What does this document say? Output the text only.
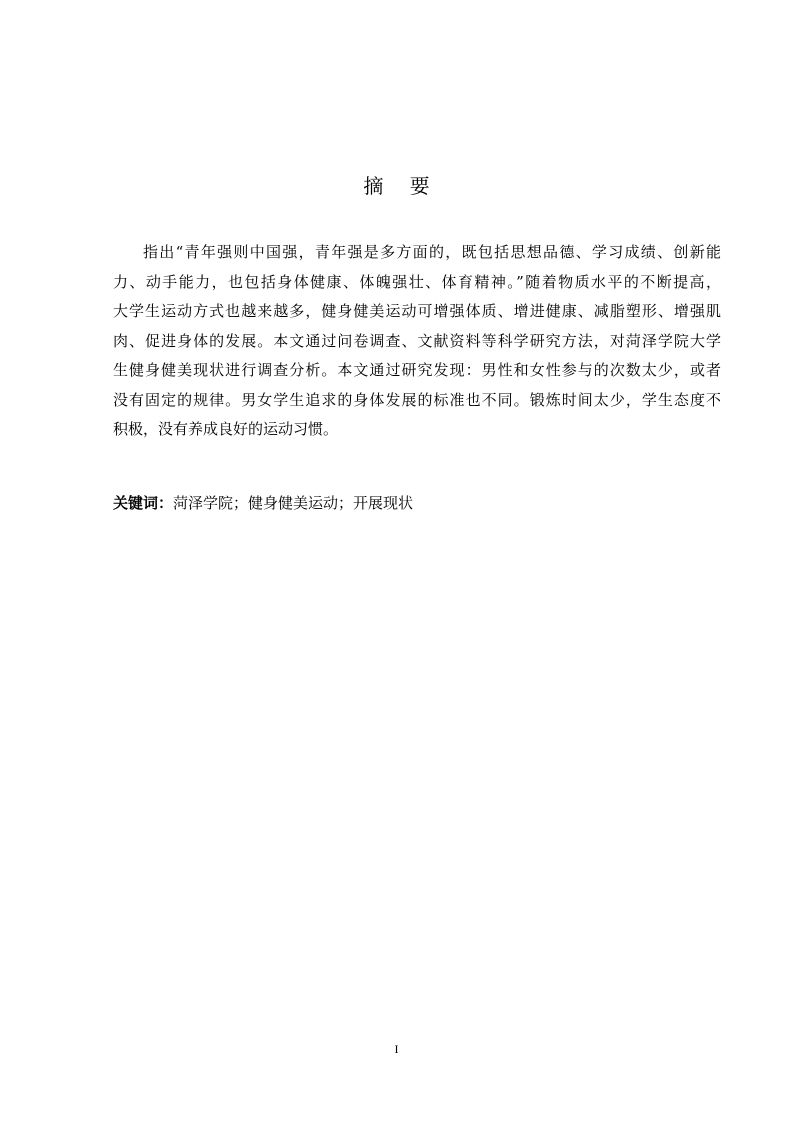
摘 要
指出“青年强则中国强，青年强是多方面的，既包括思想品德、学习成绩、创新能
力、动手能力，也包括身体健康、体魄强壮、体育精神。”随着物质水平的不断提高，
大学生运动方式也越来越多，健身健美运动可增强体质、增进健康、减脂塑形、增强肌
肉、促进身体的发展。本文通过问卷调查、文献资料等科学研究方法，对菏泽学院大学
生健身健美现状进行调查分析。本文通过研究发现：男性和女性参与的次数太少，或者
没有固定的规律。男女学生追求的身体发展的标准也不同。锻炼时间太少，学生态度不
积极，没有养成良好的运动习惯。
关键词：菏泽学院；健身健美运动；开展现状
I
